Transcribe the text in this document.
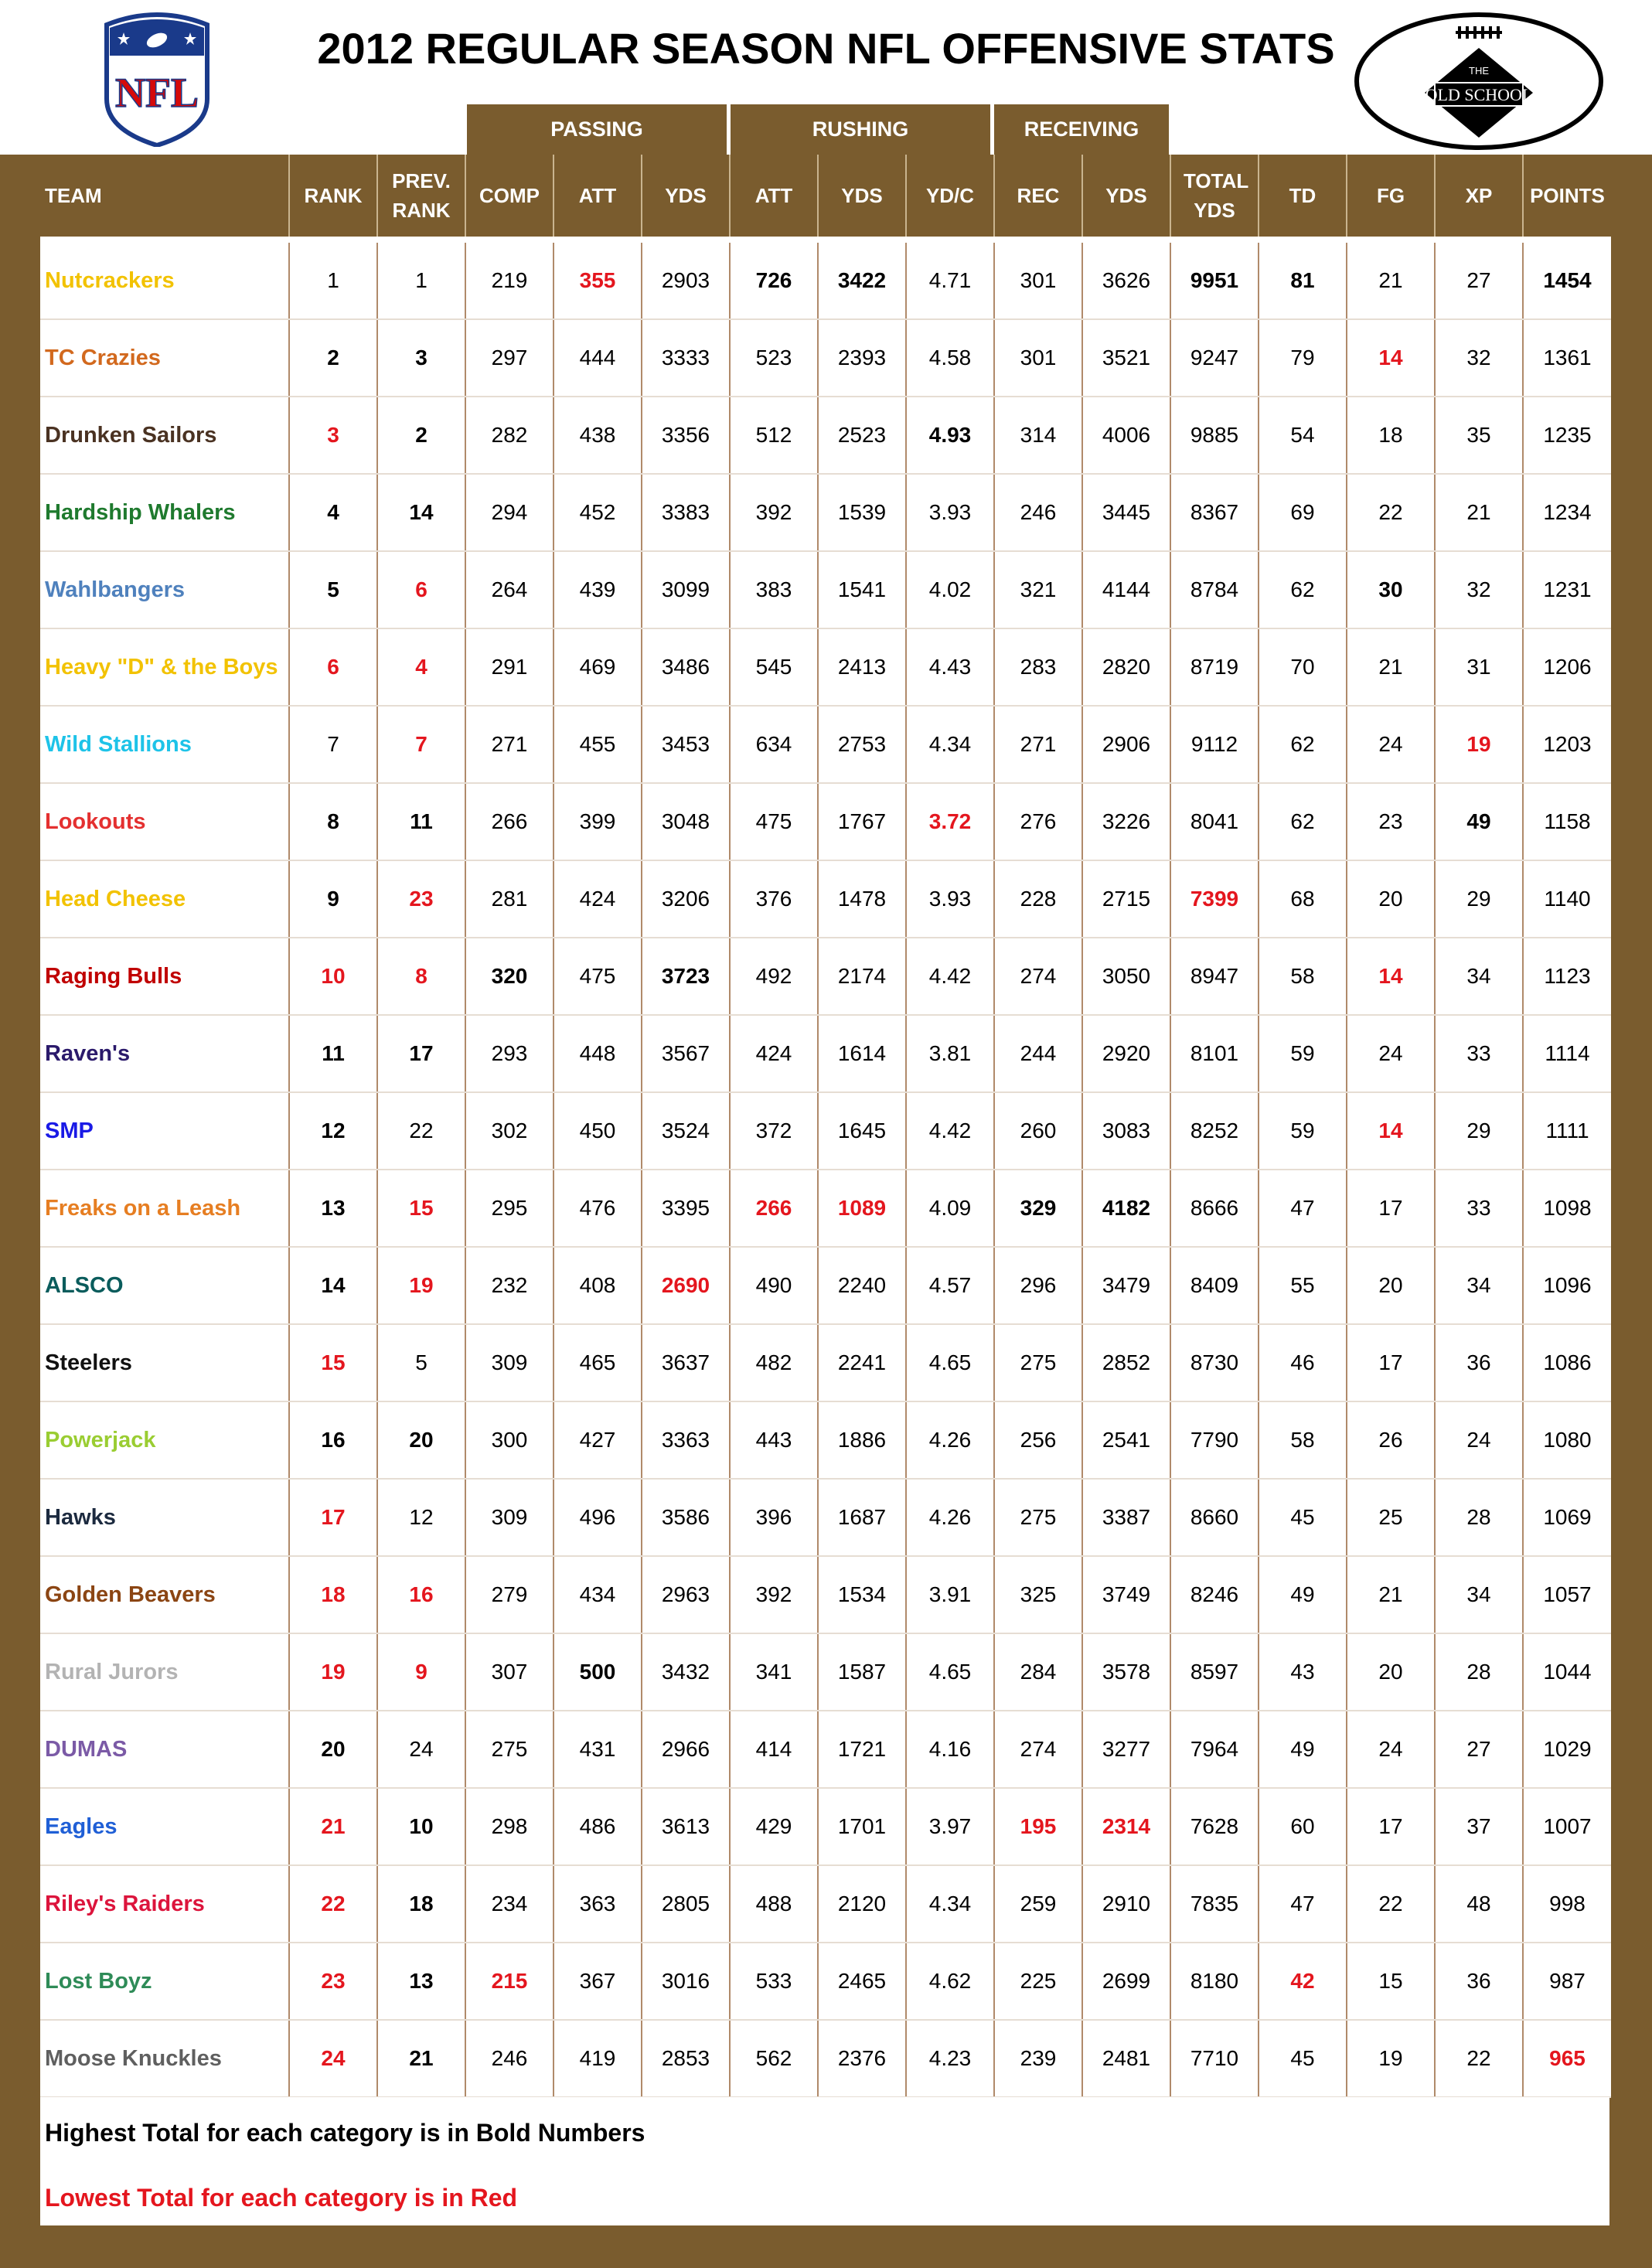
NFL
2012 REGULAR SEASON NFL OFFENSIVE STATS	THE
OLD SCHOOL
PASSING	RUSHING	RECEIVING
TEAM	RANK	PREV. RANK	COMP	ATT	YDS	ATT	YDS	YD/C	REC	YDS	TOTAL YDS	TD	FG	XP	POINTS
Nutcrackers	1	1	219	355	2903	726	3422	4.71	301	3626	9951	81	21	27	1454
TC Crazies	2	3	297	444	3333	523	2393	4.58	301	3521	9247	79	14	32	1361
Drunken Sailors	3	2	282	438	3356	512	2523	4.93	314	4006	9885	54	18	35	1235
Hardship Whalers	4	14	294	452	3383	392	1539	3.93	246	3445	8367	69	22	21	1234
Wahlbangers	5	6	264	439	3099	383	1541	4.02	321	4144	8784	62	30	32	1231
Heavy "D" & the Boys	6	4	291	469	3486	545	2413	4.43	283	2820	8719	70	21	31	1206
Wild Stallions	7	7	271	455	3453	634	2753	4.34	271	2906	9112	62	24	19	1203
Lookouts	8	11	266	399	3048	475	1767	3.72	276	3226	8041	62	23	49	1158
Head Cheese	9	23	281	424	3206	376	1478	3.93	228	2715	7399	68	20	29	1140
Raging Bulls	10	8	320	475	3723	492	2174	4.42	274	3050	8947	58	14	34	1123
Raven's	11	17	293	448	3567	424	1614	3.81	244	2920	8101	59	24	33	1114
SMP	12	22	302	450	3524	372	1645	4.42	260	3083	8252	59	14	29	1111
Freaks on a Leash	13	15	295	476	3395	266	1089	4.09	329	4182	8666	47	17	33	1098
ALSCO	14	19	232	408	2690	490	2240	4.57	296	3479	8409	55	20	34	1096
Steelers	15	5	309	465	3637	482	2241	4.65	275	2852	8730	46	17	36	1086
Powerjack	16	20	300	427	3363	443	1886	4.26	256	2541	7790	58	26	24	1080
Hawks	17	12	309	496	3586	396	1687	4.26	275	3387	8660	45	25	28	1069
Golden Beavers	18	16	279	434	2963	392	1534	3.91	325	3749	8246	49	21	34	1057
Rural Jurors	19	9	307	500	3432	341	1587	4.65	284	3578	8597	43	20	28	1044
DUMAS	20	24	275	431	2966	414	1721	4.16	274	3277	7964	49	24	27	1029
Eagles	21	10	298	486	3613	429	1701	3.97	195	2314	7628	60	17	37	1007
Riley's Raiders	22	18	234	363	2805	488	2120	4.34	259	2910	7835	47	22	48	998
Lost Boyz	23	13	215	367	3016	533	2465	4.62	225	2699	8180	42	15	36	987
Moose Knuckles	24	21	246	419	2853	562	2376	4.23	239	2481	7710	45	19	22	965
Highest Total for each category is in Bold Numbers
Lowest Total for each category is in Red
